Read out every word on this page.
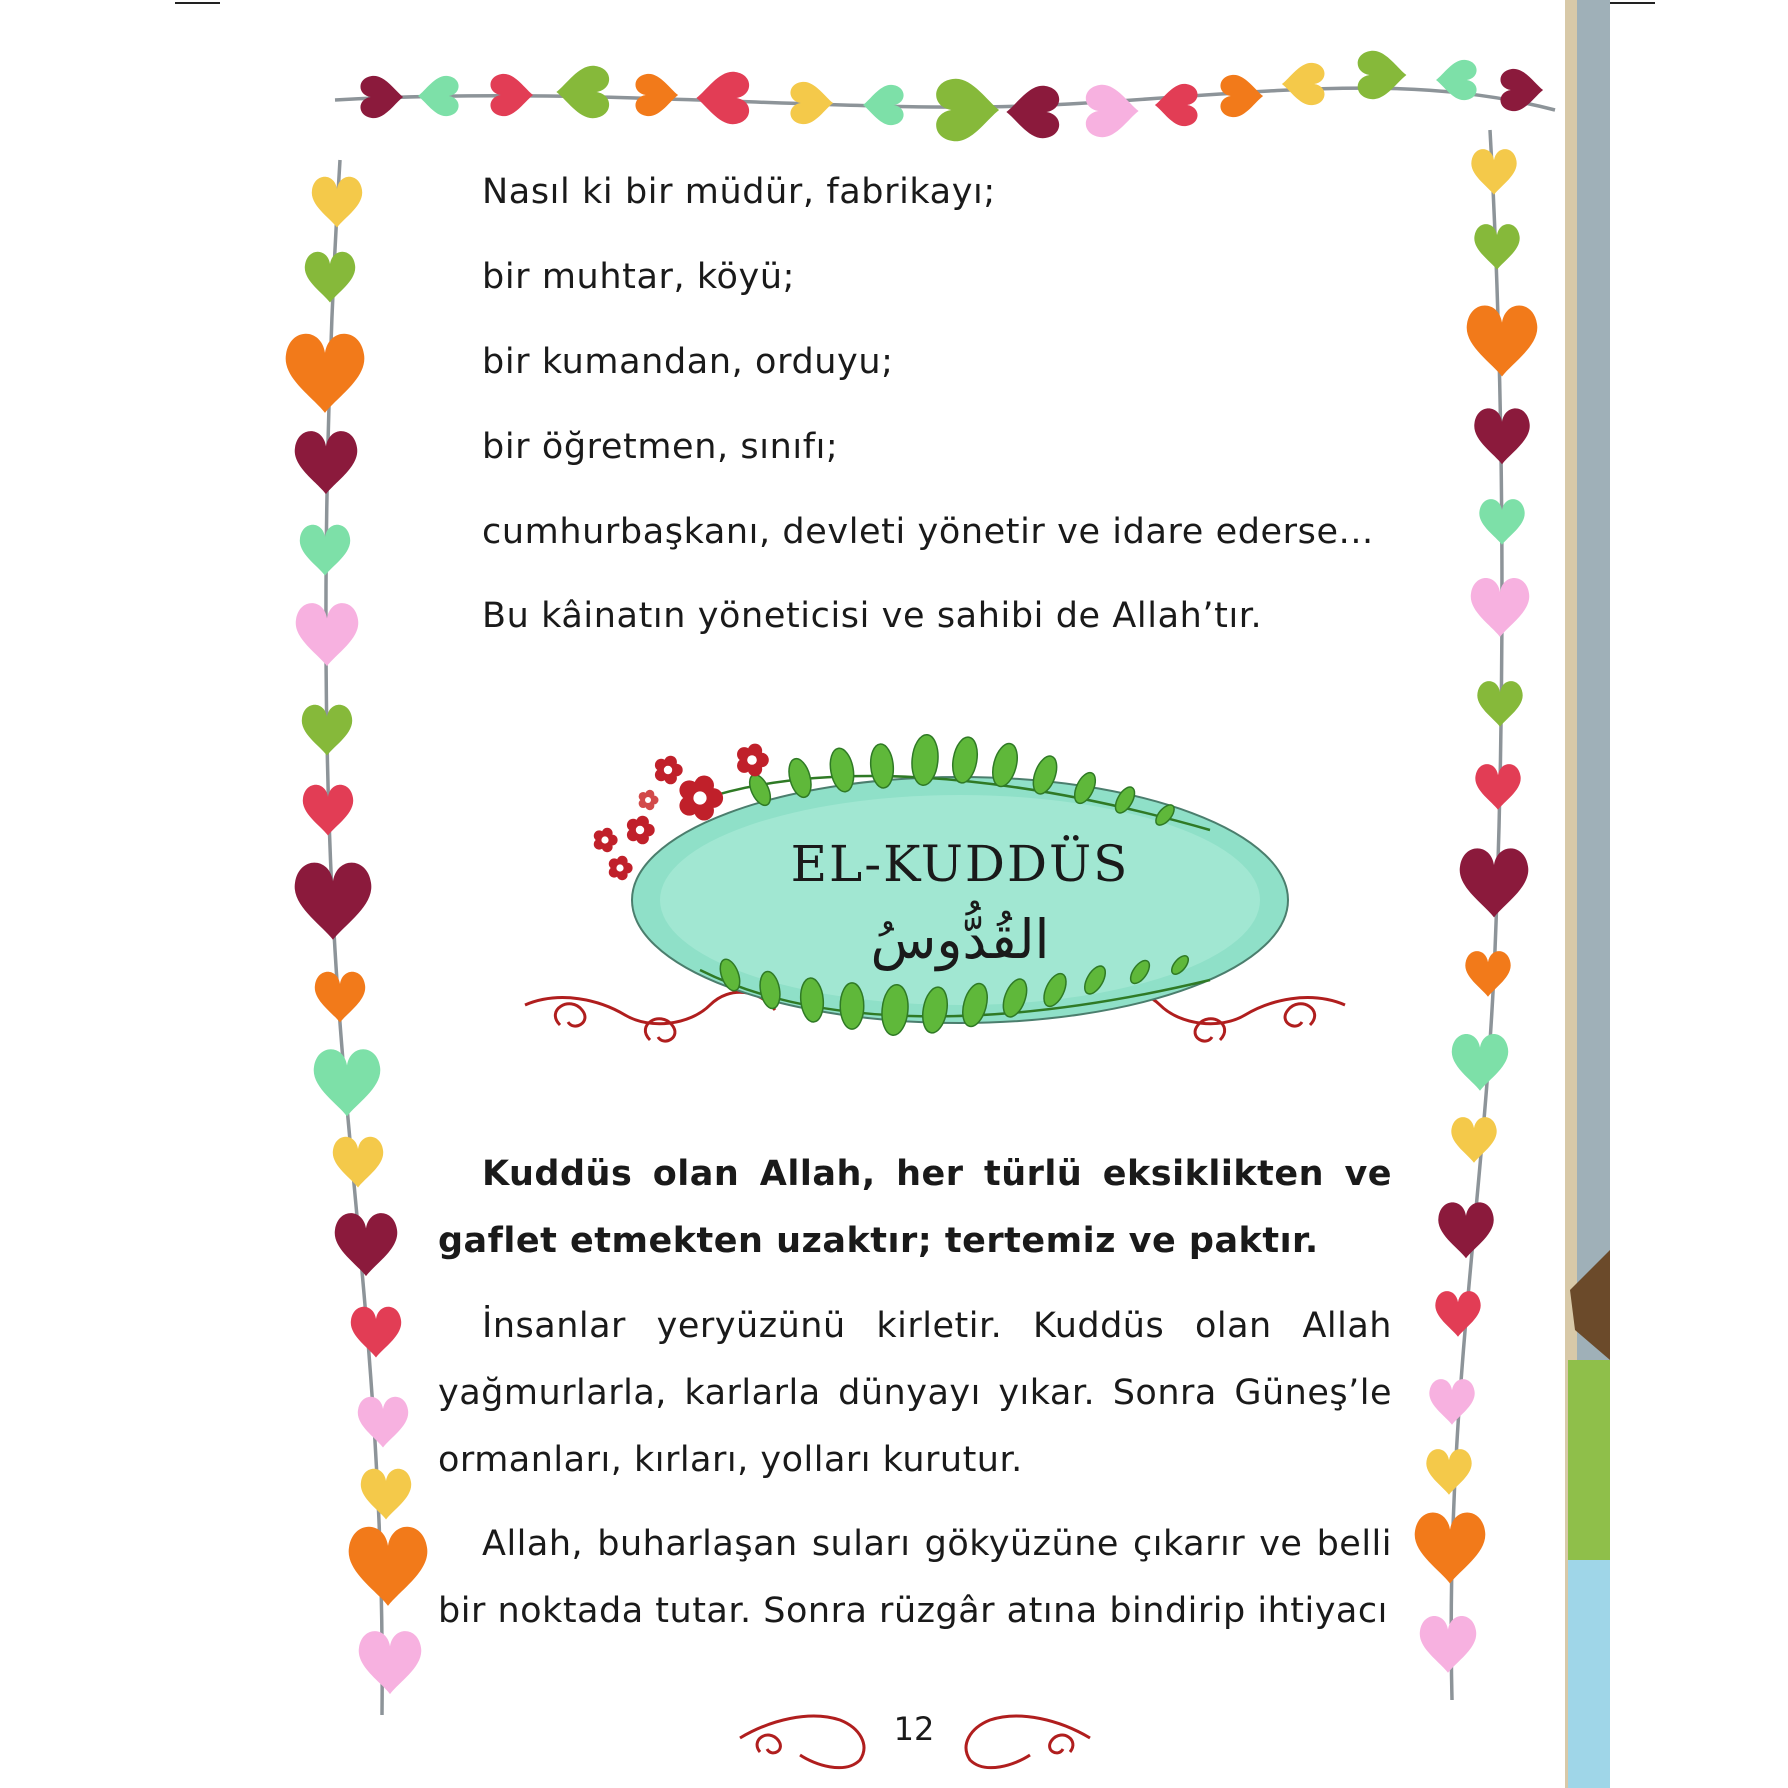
Nasıl ki bir müdür, fabrikayı;
bir muhtar, köyü;
bir kumandan, orduyu;
bir öğretmen, sınıfı;
cumhurbaşkanı, devleti yönetir ve idare ederse...
Bu kâinatın yöneticisi ve sahibi de Allah’tır.
EL-KUDDÜS
القُدُّوسُ
Kuddüs olan Allah, her türlü eksiklikten ve gaflet etmekten uzaktır; tertemiz ve paktır.
İnsanlar yeryüzünü kirletir. Kuddüs olan Allah yağmurlarla, karlarla dünyayı yıkar. Sonra Güneş’le ormanları, kırları, yolları kurutur.
Allah, buharlaşan suları gökyüzüne çıkarır ve belli bir noktada tutar. Sonra rüzgâr atına bindirip ihtiyacı
12
